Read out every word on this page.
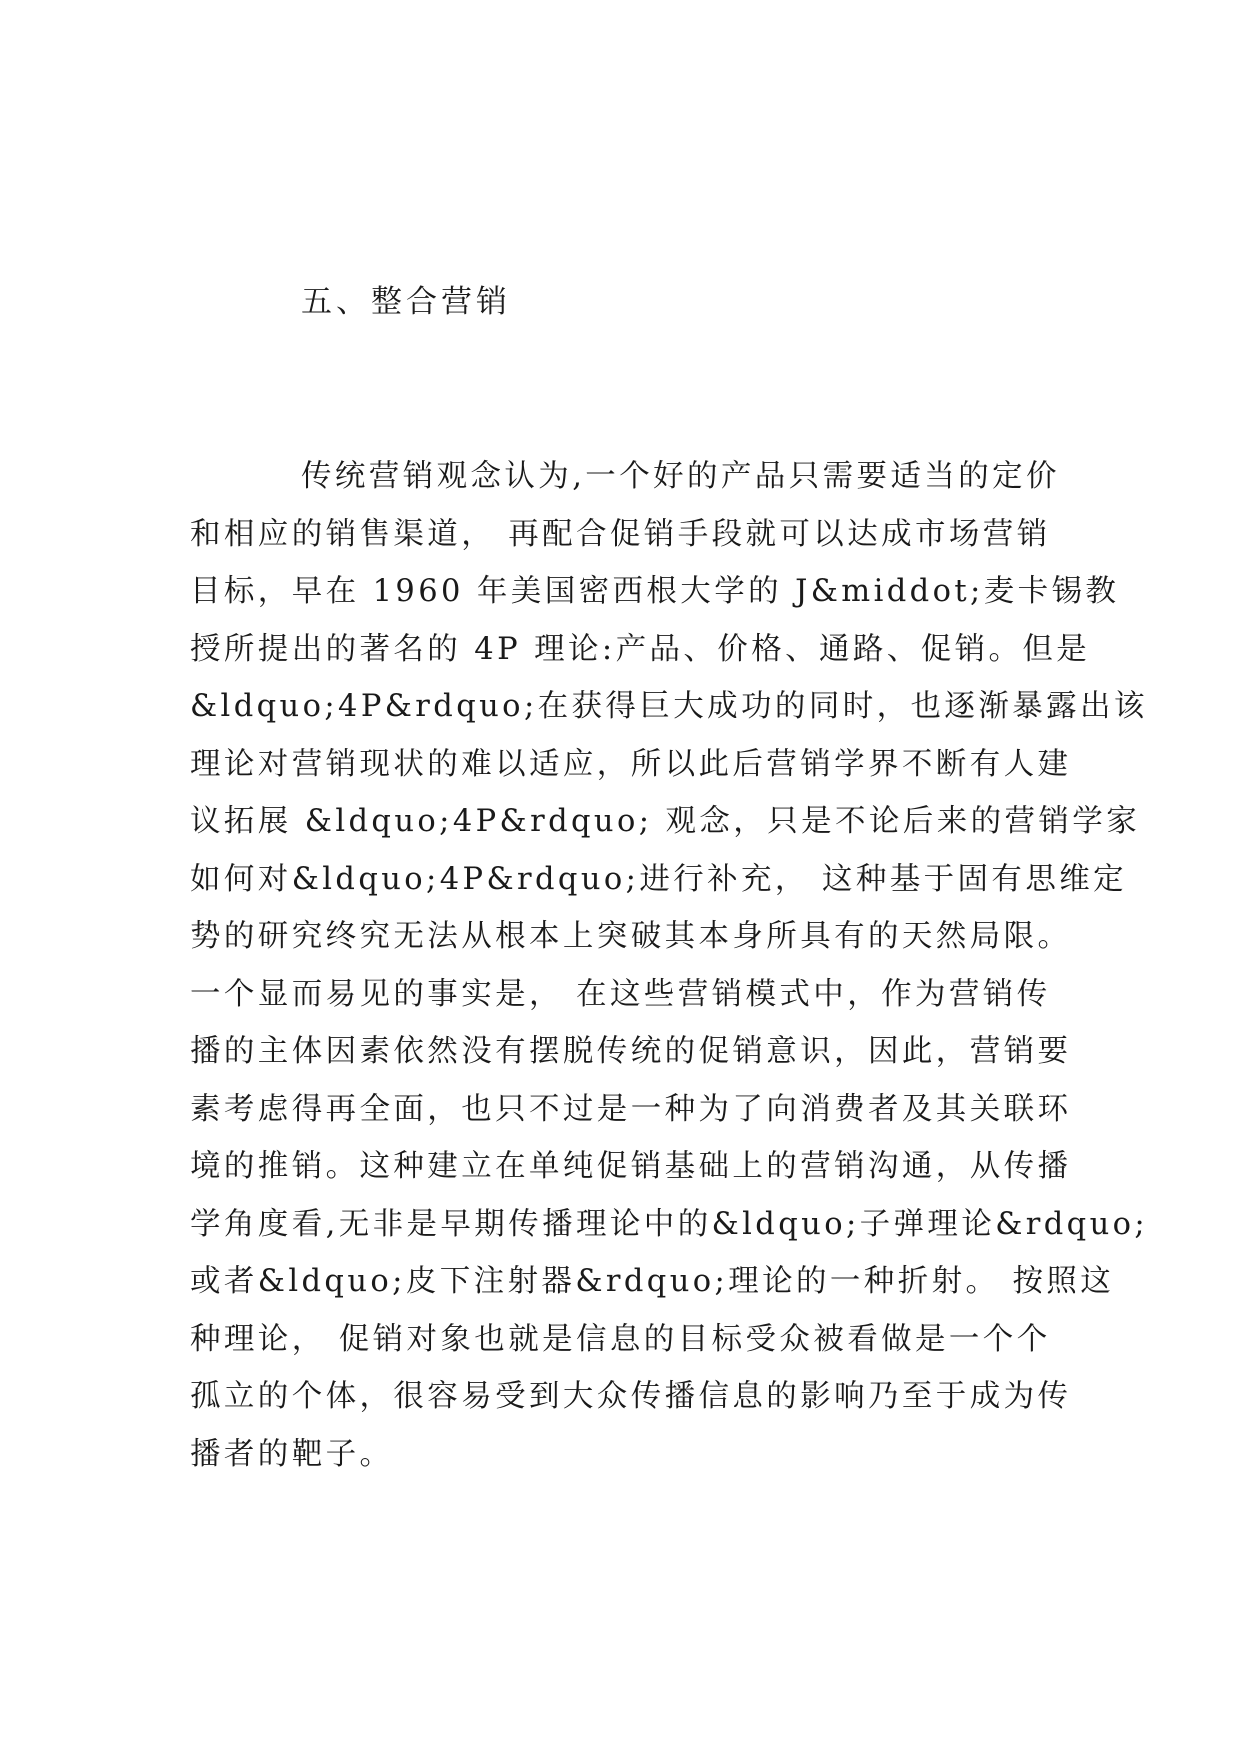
五、整合营销
传统营销观念认为,一个好的产品只需要适当的定价
和相应的销售渠道， 再配合促销手段就可以达成市场营销
目标，早在 1960 年美国密西根大学的 J&middot;麦卡锡教
授所提出的著名的 4P 理论:产品、价格、通路、促销。但是
&ldquo;4P&rdquo;在获得巨大成功的同时，也逐渐暴露出该
理论对营销现状的难以适应，所以此后营销学界不断有人建
议拓展 &ldquo;4P&rdquo; 观念，只是不论后来的营销学家
如何对&ldquo;4P&rdquo;进行补充， 这种基于固有思维定
势的研究终究无法从根本上突破其本身所具有的天然局限。
一个显而易见的事实是， 在这些营销模式中，作为营销传
播的主体因素依然没有摆脱传统的促销意识，因此，营销要
素考虑得再全面，也只不过是一种为了向消费者及其关联环
境的推销。这种建立在单纯促销基础上的营销沟通，从传播
学角度看,无非是早期传播理论中的&ldquo;子弹理论&rdquo;
或者&ldquo;皮下注射器&rdquo;理论的一种折射。 按照这
种理论， 促销对象也就是信息的目标受众被看做是一个个
孤立的个体，很容易受到大众传播信息的影响乃至于成为传
播者的靶子。
